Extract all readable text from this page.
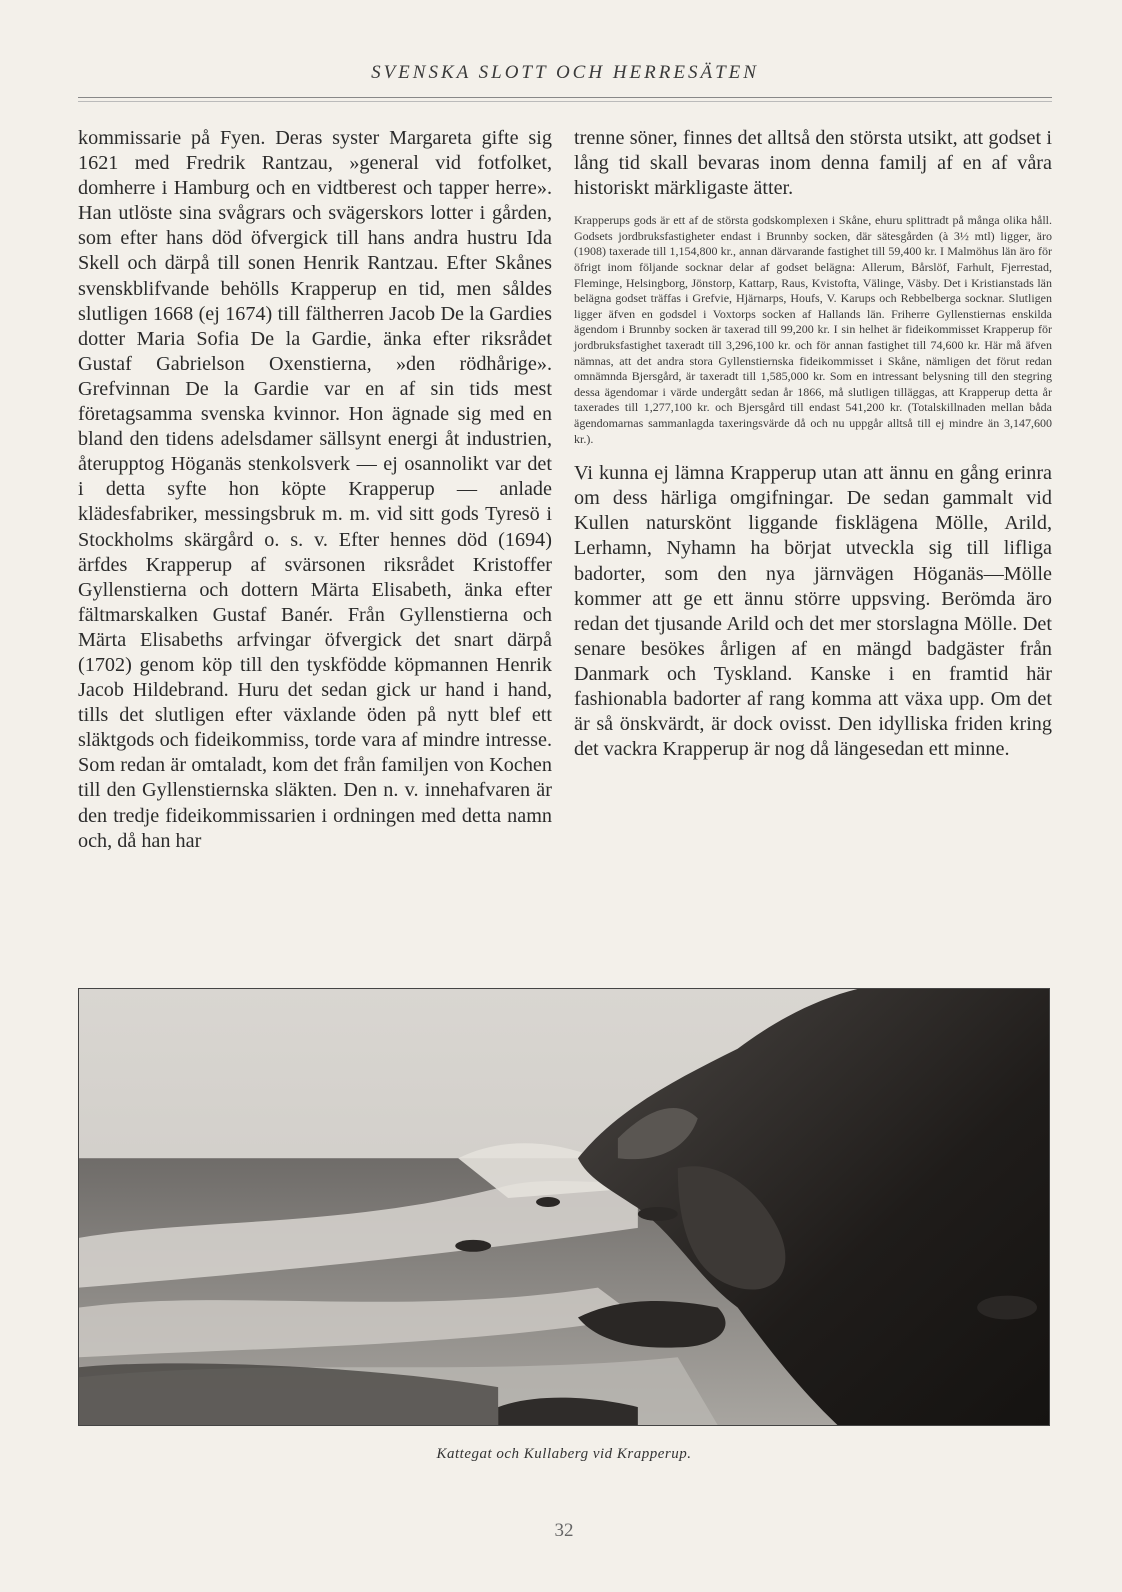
SVENSKA SLOTT OCH HERRESÄTEN

kommissarie på Fyen. Deras syster Margareta gifte sig 1621 med Fredrik Rantzau, »general vid fotfolket, domherre i Hamburg och en vidtberest och tapper herre». Han utlöste sina svågrars och svägerskors lotter i gården, som efter hans död öfvergick till hans andra hustru Ida Skell och därpå till sonen Henrik Rantzau. Efter Skånes svenskblifvande behölls Krapperup en tid, men såldes slutligen 1668 (ej 1674) till fältherren Jacob De la Gardies dotter Maria Sofia De la Gardie, änka efter riksrådet Gustaf Gabrielson Oxenstierna, »den rödhårige». Grefvinnan De la Gardie var en af sin tids mest företagsamma svenska kvinnor. Hon ägnade sig med en bland den tidens adelsdamer sällsynt energi åt industrien, återupptog Höganäs stenkolsverk — ej osannolikt var det i detta syfte hon köpte Krapperup — anlade klädesfabriker, messingsbruk m. m. vid sitt gods Tyresö i Stockholms skärgård o. s. v. Efter hennes död (1694) ärfdes Krapperup af svärsonen riksrådet Kristoffer Gyllenstierna och dottern Märta Elisabeth, änka efter fältmarskalken Gustaf Banér. Från Gyllenstierna och Märta Elisabeths arfvingar öfvergick det snart därpå (1702) genom köp till den tyskfödde köpmannen Henrik Jacob Hildebrand. Huru det sedan gick ur hand i hand, tills det slutligen efter växlande öden på nytt blef ett släktgods och fideikommiss, torde vara af mindre intresse. Som redan är omtaladt, kom det från familjen von Kochen till den Gyllenstiernska släkten. Den n. v. innehafvaren är den tredje fideikommissarien i ordningen med detta namn och, då han har

trenne söner, finnes det alltså den största utsikt, att godset i lång tid skall bevaras inom denna familj af en af våra historiskt märkligaste ätter.

Krapperups gods är ett af de största godskomplexen i Skåne, ehuru splittradt på många olika håll. Godsets jordbruksfastigheter endast i Brunnby socken, där sätesgården (à 3½ mtl) ligger, äro (1908) taxerade till 1,154,800 kr., annan därvarande fastighet till 59,400 kr. I Malmöhus län äro för öfrigt inom följande socknar delar af godset belägna: Allerum, Bårslöf, Farhult, Fjerrestad, Fleminge, Helsingborg, Jönstorp, Kattarp, Raus, Kvistofta, Välinge, Väsby. Det i Kristianstads län belägna godset träffas i Grefvie, Hjärnarps, Houfs, V. Karups och Rebbelberga socknar. Slutligen ligger äfven en godsdel i Voxtorps socken af Hallands län. Friherre Gyllenstiernas enskilda ägendom i Brunnby socken är taxerad till 99,200 kr. I sin helhet är fideikommisset Krapperup för jordbruksfastighet taxeradt till 3,296,100 kr. och för annan fastighet till 74,600 kr. Här må äfven nämnas, att det andra stora Gyllenstiernska fideikommisset i Skåne, nämligen det förut redan omnämnda Bjersgård, är taxeradt till 1,585,000 kr. Som en intressant belysning till den stegring dessa ägendomar i värde undergått sedan år 1866, må slutligen tilläggas, att Krapperup detta år taxerades till 1,277,100 kr. och Bjersgård till endast 541,200 kr. (Totalskillnaden mellan båda ägendomarnas sammanlagda taxeringsvärde då och nu uppgår alltså till ej mindre än 3,147,600 kr.).

Vi kunna ej lämna Krapperup utan att ännu en gång erinra om dess härliga omgifningar. De sedan gammalt vid Kullen naturskönt liggande fisklägena Mölle, Arild, Lerhamn, Nyhamn ha börjat utveckla sig till lifliga badorter, som den nya järnvägen Höganäs—Mölle kommer att ge ett ännu större uppsving. Berömda äro redan det tjusande Arild och det mer storslagna Mölle. Det senare besökes årligen af en mängd badgäster från Danmark och Tyskland. Kanske i en framtid här fashionabla badorter af rang komma att växa upp. Om det är så önskvärdt, är dock ovisst. Den idylliska friden kring det vackra Krapperup är nog då längesedan ett minne.

Kattegat och Kullaberg vid Krapperup.
32
